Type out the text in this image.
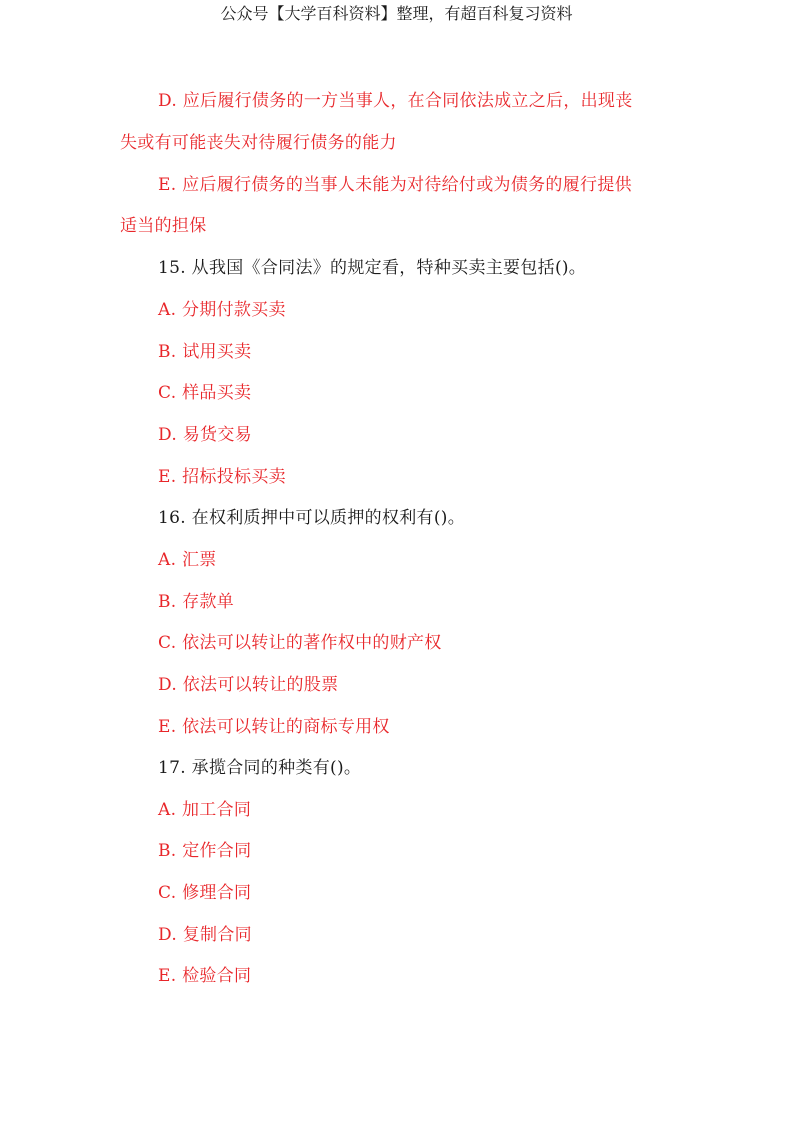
公众号【大学百科资料】整理，有超百科复习资料
D. 应后履行债务的一方当事人，在合同依法成立之后，出现丧
失或有可能丧失对待履行债务的能力
E. 应后履行债务的当事人未能为对待给付或为债务的履行提供
适当的担保
15. 从我国《合同法》的规定看，特种买卖主要包括()。
A. 分期付款买卖
B. 试用买卖
C. 样品买卖
D. 易货交易
E. 招标投标买卖
16. 在权利质押中可以质押的权利有()。
A. 汇票
B. 存款单
C. 依法可以转让的著作权中的财产权
D. 依法可以转让的股票
E. 依法可以转让的商标专用权
17. 承揽合同的种类有()。
A. 加工合同
B. 定作合同
C. 修理合同
D. 复制合同
E. 检验合同
